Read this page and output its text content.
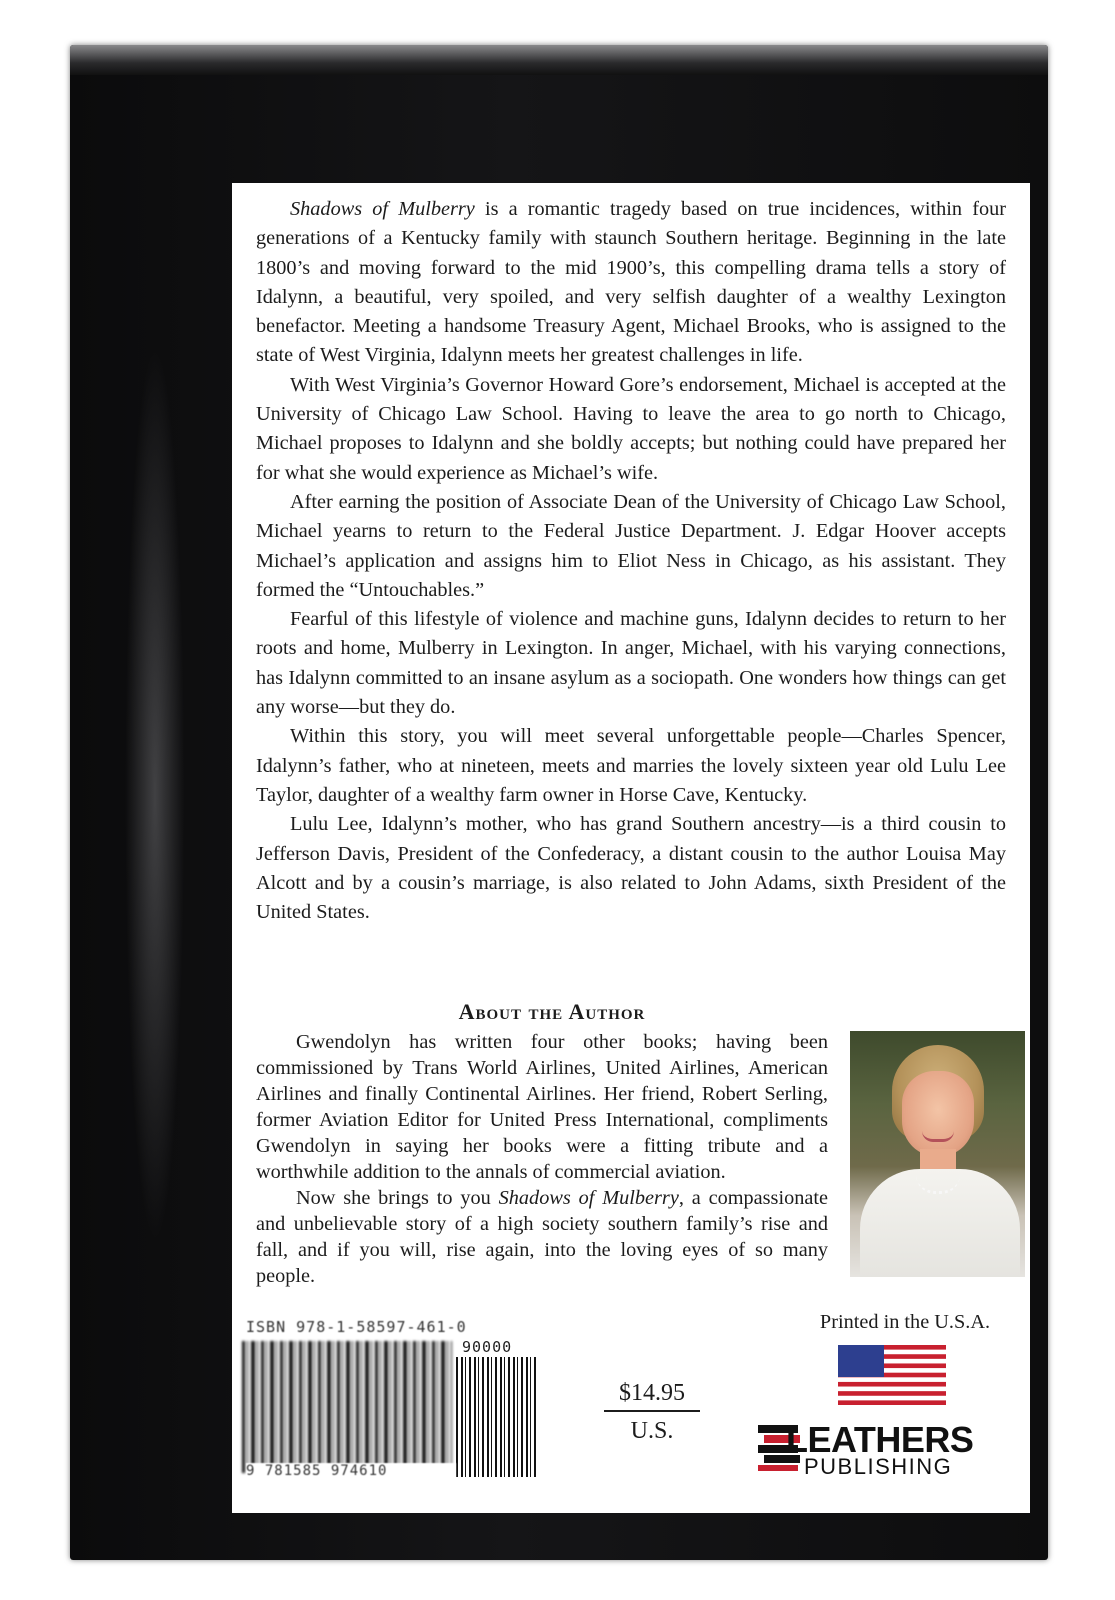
Shadows of Mulberry is a romantic tragedy based on true incidences, within four generations of a Kentucky family with staunch Southern heritage. Beginning in the late 1800’s and moving forward to the mid 1900’s, this compelling drama tells a story of Idalynn, a beautiful, very spoiled, and very selfish daughter of a wealthy Lexington benefactor. Meeting a handsome Treasury Agent, Michael Brooks, who is assigned to the state of West Virginia, Idalynn meets her greatest challenges in life.

With West Virginia’s Governor Howard Gore’s endorsement, Michael is accepted at the University of Chicago Law School. Having to leave the area to go north to Chicago, Michael proposes to Idalynn and she boldly accepts; but nothing could have prepared her for what she would experience as Michael’s wife.

After earning the position of Associate Dean of the University of Chicago Law School, Michael yearns to return to the Federal Justice Department. J. Edgar Hoover accepts Michael’s application and assigns him to Eliot Ness in Chicago, as his assistant. They formed the “Untouchables.”

Fearful of this lifestyle of violence and machine guns, Idalynn decides to return to her roots and home, Mulberry in Lexington. In anger, Michael, with his varying connections, has Idalynn committed to an insane asylum as a sociopath. One wonders how things can get any worse—but they do.

Within this story, you will meet several unforgettable people—Charles Spencer, Idalynn’s father, who at nineteen, meets and marries the lovely sixteen year old Lulu Lee Taylor, daughter of a wealthy farm owner in Horse Cave, Kentucky.

Lulu Lee, Idalynn’s mother, who has grand Southern ancestry—is a third cousin to Jefferson Davis, President of the Confederacy, a distant cousin to the author Louisa May Alcott and by a cousin’s marriage, is also related to John Adams, sixth President of the United States.

About the Author

Gwendolyn has written four other books; having been commissioned by Trans World Airlines, United Airlines, American Airlines and finally Continental Airlines. Her friend, Robert Serling, former Aviation Editor for United Press International, compliments Gwendolyn in saying her books were a fitting tribute and a worthwhile addition to the annals of commercial aviation.

Now she brings to you Shadows of Mulberry, a compassionate and unbelievable story of a high society southern family’s rise and fall, and if you will, rise again, into the loving eyes of so many people.

ISBN 978-1-58597-461-0
90000
9 781585 974610
$14.95
U.S.
Printed in the U.S.A.
LEATHERS
PUBLISHING
